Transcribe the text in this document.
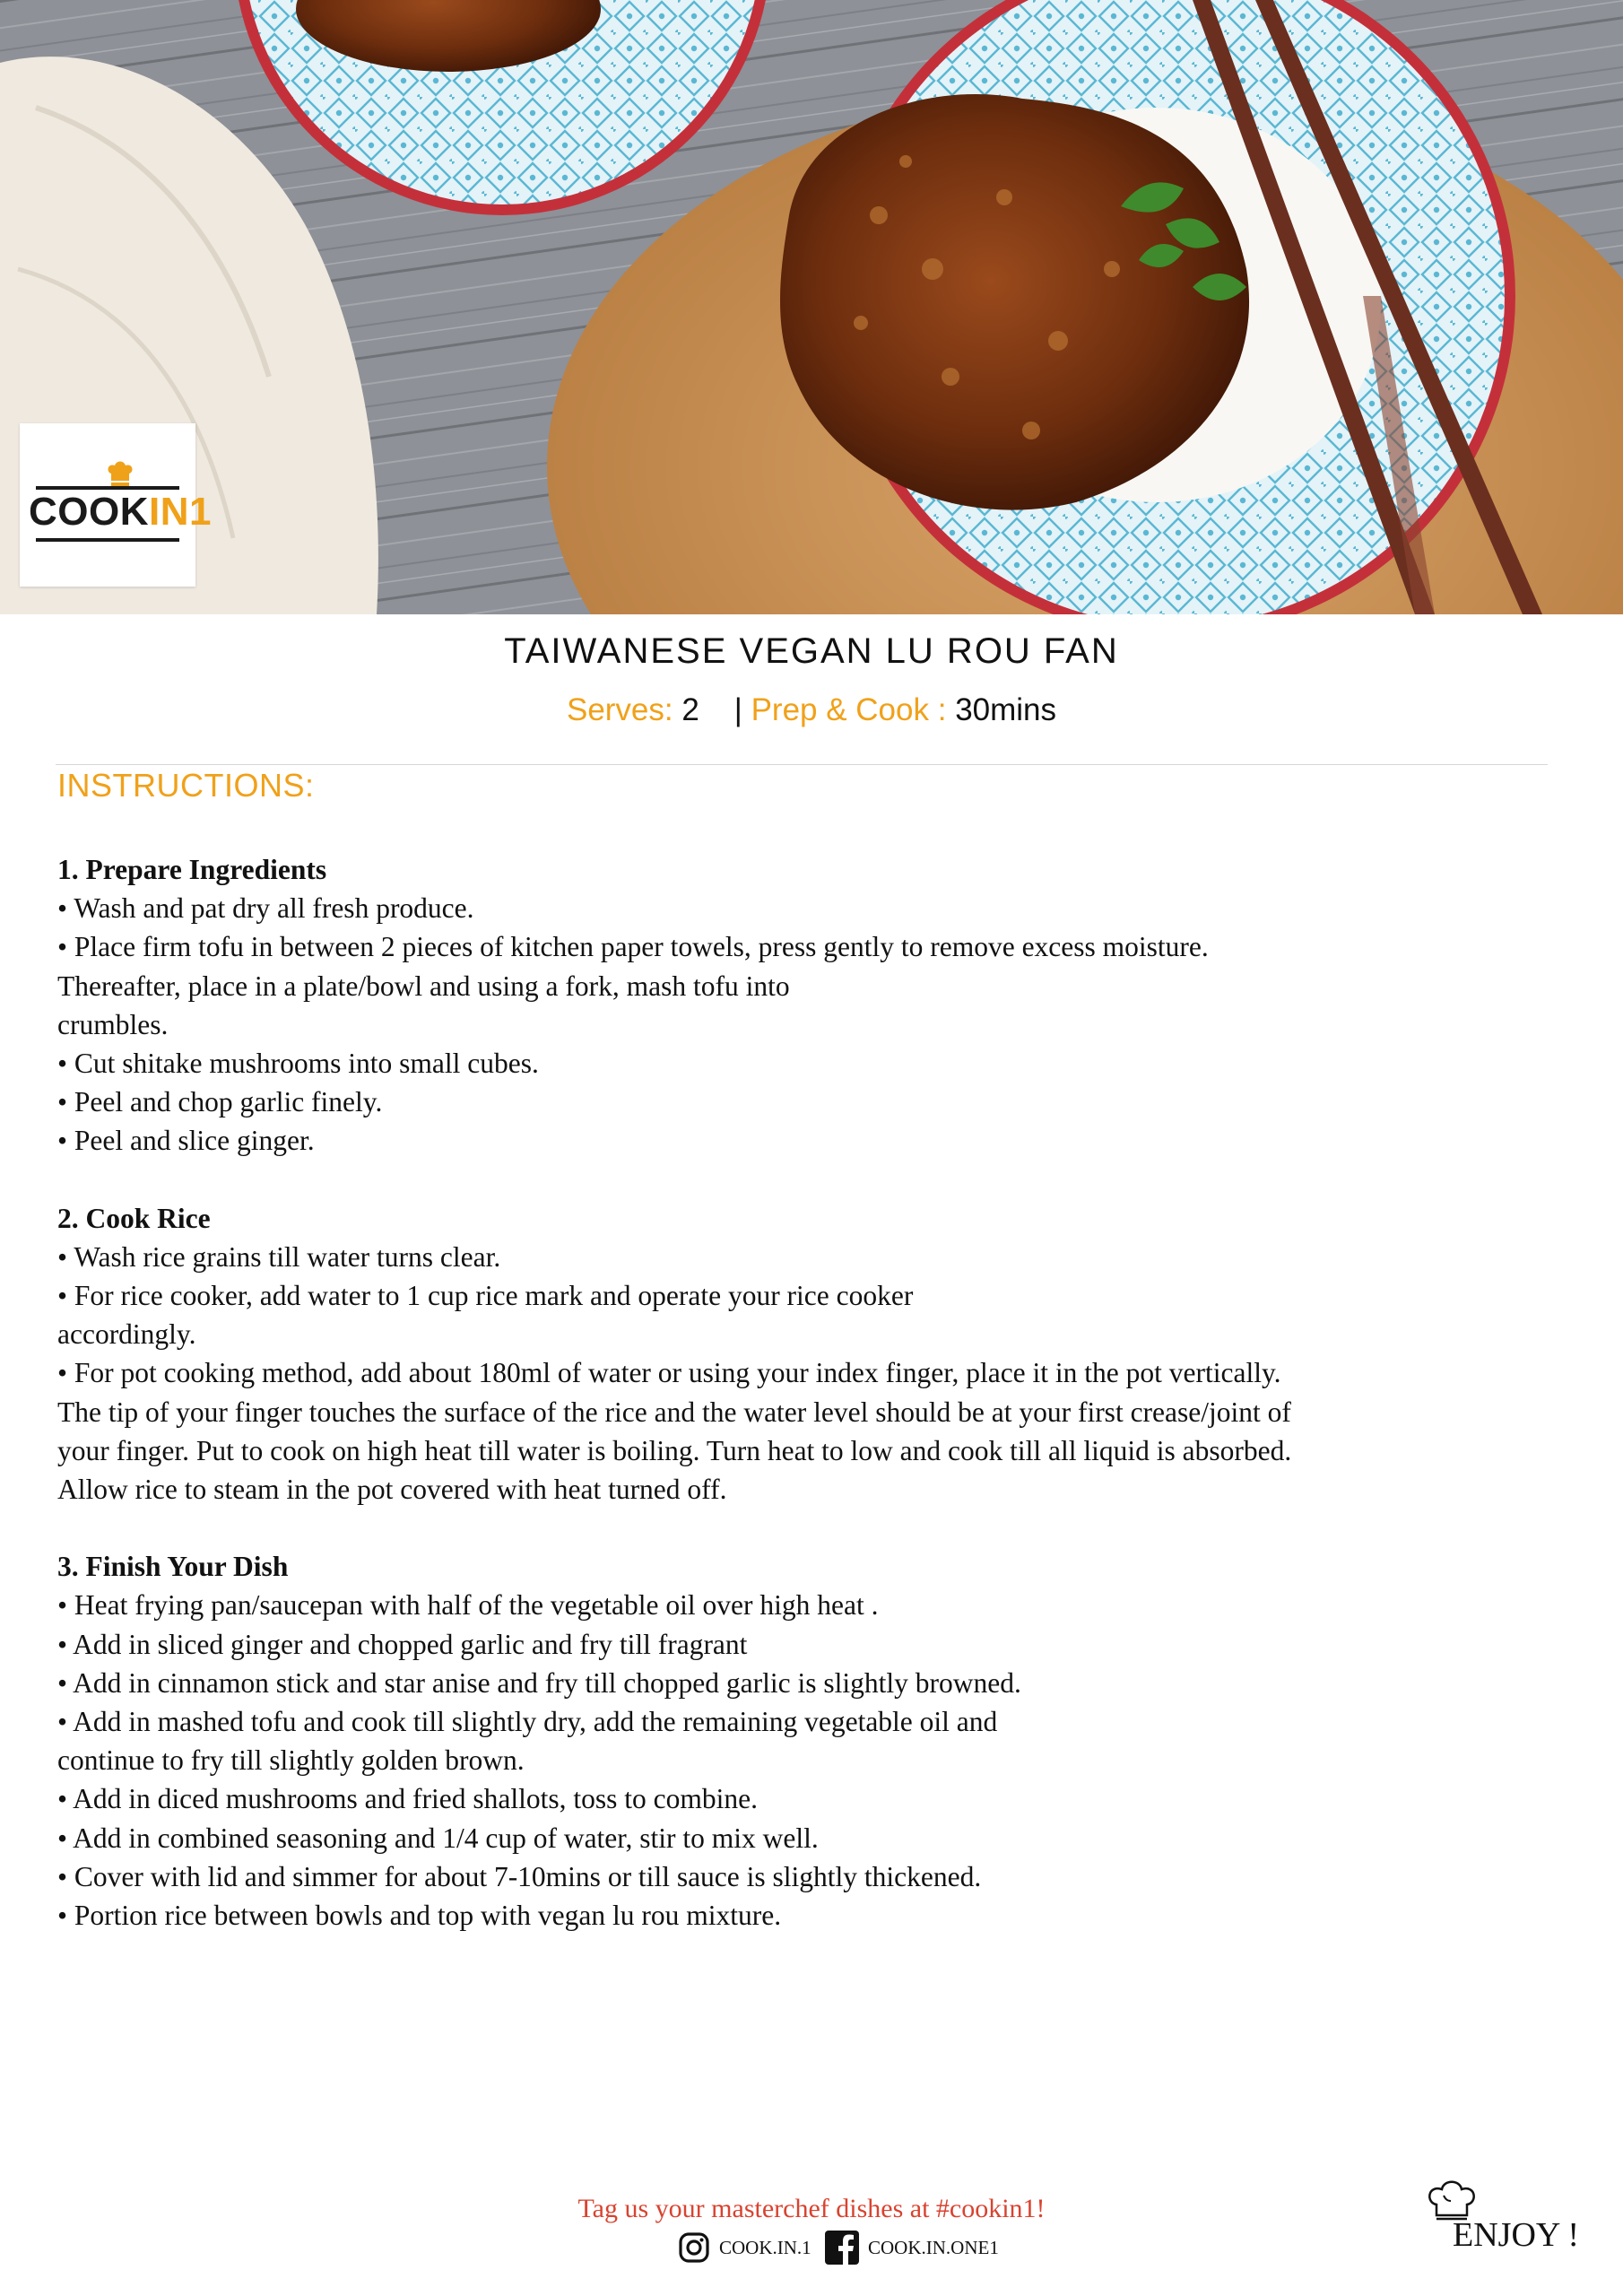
COOKIN1
TAIWANESE VEGAN LU ROU FAN
Serves: 2 | Prep & Cook : 30mins
INSTRUCTIONS:
1. Prepare Ingredients
• Wash and pat dry all fresh produce.
• Place firm tofu in between 2 pieces of kitchen paper towels, press gently to remove excess moisture.
Thereafter, place in a plate/bowl and using a fork, mash tofu into
crumbles.
• Cut shitake mushrooms into small cubes.
• Peel and chop garlic finely.
• Peel and slice ginger.
2. Cook Rice
• Wash rice grains till water turns clear.
• For rice cooker, add water to 1 cup rice mark and operate your rice cooker
accordingly.
• For pot cooking method, add about 180ml of water or using your index finger, place it in the pot vertically.
The tip of your finger touches the surface of the rice and the water level should be at your first crease/joint of
your finger. Put to cook on high heat till water is boiling. Turn heat to low and cook till all liquid is absorbed.
Allow rice to steam in the pot covered with heat turned off.
3. Finish Your Dish
• Heat frying pan/saucepan with half of the vegetable oil over high heat .
• Add in sliced ginger and chopped garlic and fry till fragrant
• Add in cinnamon stick and star anise and fry till chopped garlic is slightly browned.
• Add in mashed tofu and cook till slightly dry, add the remaining vegetable oil and
continue to fry till slightly golden brown.
• Add in diced mushrooms and fried shallots, toss to combine.
• Add in combined seasoning and 1/4 cup of water, stir to mix well.
• Cover with lid and simmer for about 7-10mins or till sauce is slightly thickened.
• Portion rice between bowls and top with vegan lu rou mixture.
Tag us your masterchef dishes at #cookin1!
COOK.IN.1	COOK.IN.ONE1	ENJOY !
